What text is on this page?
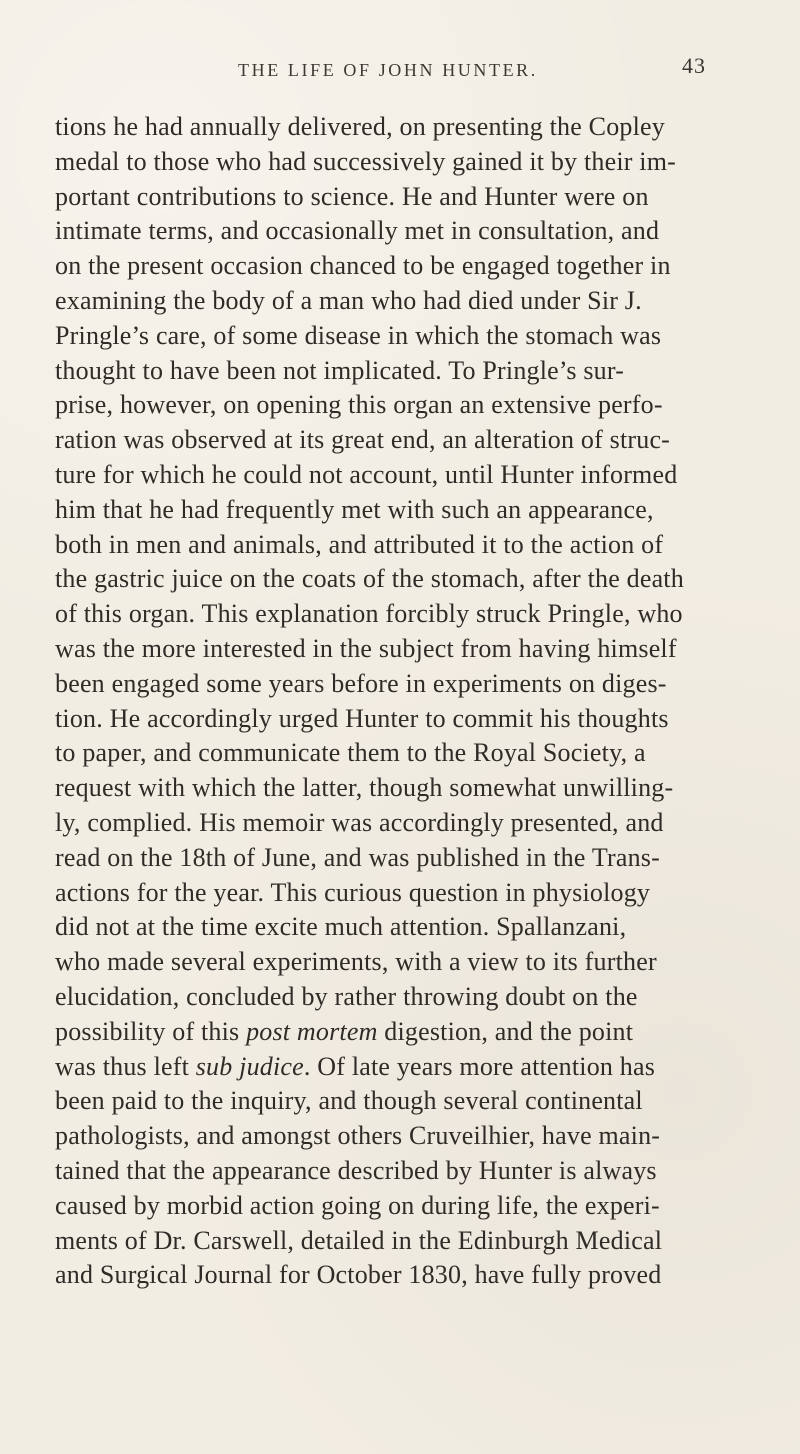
THE LIFE OF JOHN HUNTER.	43
tions he had annually delivered, on presenting the Copley
medal to those who had successively gained it by their im-
portant contributions to science. He and Hunter were on
intimate terms, and occasionally met in consultation, and
on the present occasion chanced to be engaged together in
examining the body of a man who had died under Sir J.
Pringle’s care, of some disease in which the stomach was
thought to have been not implicated. To Pringle’s sur-
prise, however, on opening this organ an extensive perfo-
ration was observed at its great end, an alteration of struc-
ture for which he could not account, until Hunter informed
him that he had frequently met with such an appearance,
both in men and animals, and attributed it to the action of
the gastric juice on the coats of the stomach, after the death
of this organ. This explanation forcibly struck Pringle, who
was the more interested in the subject from having himself
been engaged some years before in experiments on diges-
tion. He accordingly urged Hunter to commit his thoughts
to paper, and communicate them to the Royal Society, a
request with which the latter, though somewhat unwilling-
ly, complied. His memoir was accordingly presented, and
read on the 18th of June, and was published in the Trans-
actions for the year. This curious question in physiology
did not at the time excite much attention. Spallanzani,
who made several experiments, with a view to its further
elucidation, concluded by rather throwing doubt on the
possibility of this post mortem digestion, and the point
was thus left sub judice. Of late years more attention has
been paid to the inquiry, and though several continental
pathologists, and amongst others Cruveilhier, have main-
tained that the appearance described by Hunter is always
caused by morbid action going on during life, the experi-
ments of Dr. Carswell, detailed in the Edinburgh Medical
and Surgical Journal for October 1830, have fully proved
